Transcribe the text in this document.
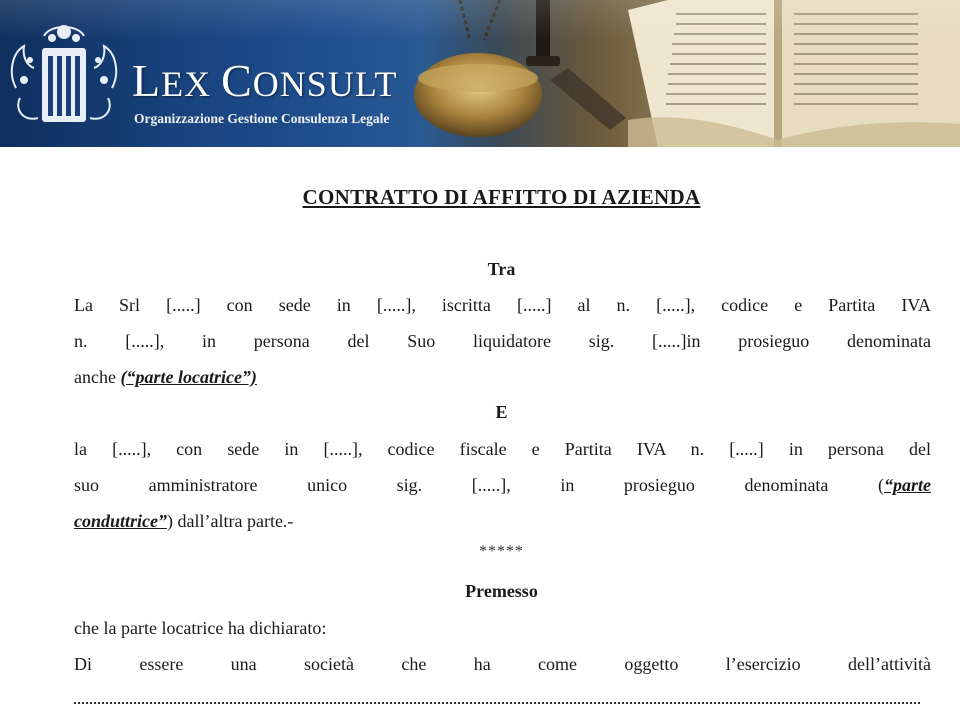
LEX CONSULT
Organizzazione Gestione Consulenza Legale
CONTRATTO DI AFFITTO DI AZIENDA
Tra
La Srl [.....] con sede in [.....], iscritta [.....] al n. [.....], codice e Partita IVA
n. [.....], in persona del Suo liquidatore sig. [.....]in prosieguo denominata
anche (“parte locatrice”)
E
la [.....], con sede in [.....], codice fiscale e Partita IVA n. [.....] in persona del
suo amministratore unico sig. [.....], in prosieguo denominata (“parte
conduttrice”) dall’altra parte.-
*****
Premesso
che la parte locatrice ha dichiarato:
Di essere una società che ha come oggetto l’esercizio dell’attività
